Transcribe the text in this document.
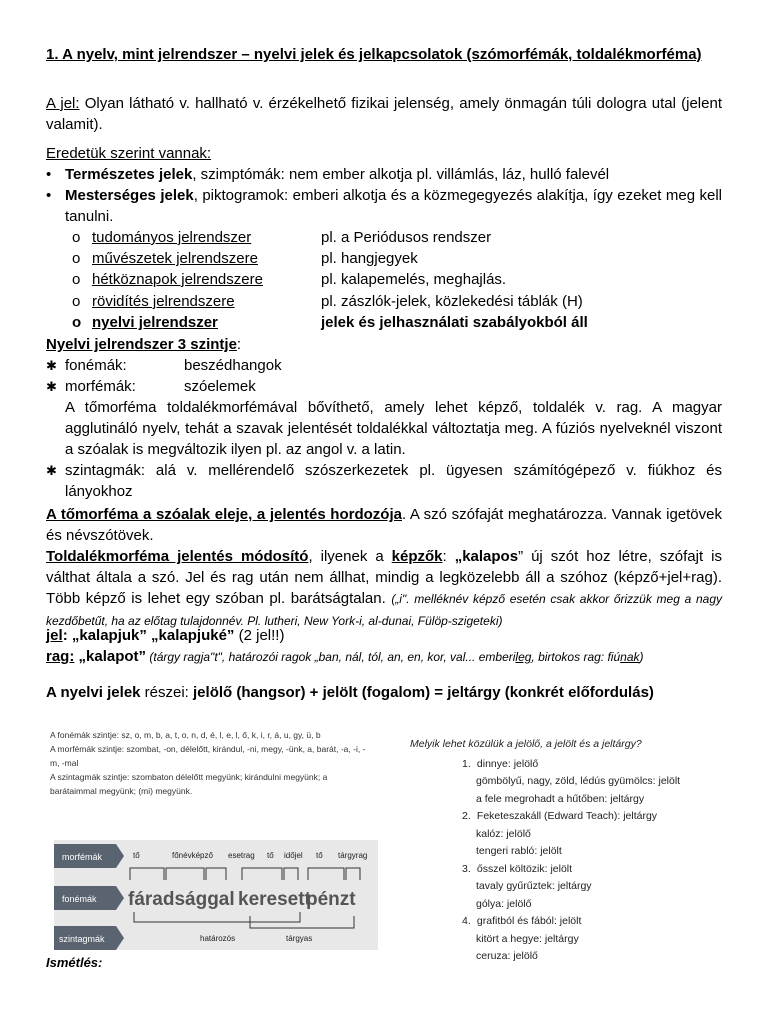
1. A nyelv, mint jelrendszer – nyelvi jelek és jelkapcsolatok (szómorfémák, toldalékmorféma)
A jel: Olyan látható v. hallható v. érzékelhető fizikai jelenség, amely önmagán túli dologra utal (jelent valamit).
Eredetük szerint vannak:
• Természetes jelek, szimptómák: nem ember alkotja pl. villámlás, láz, hulló falevél
• Mesterséges jelek, piktogramok: emberi alkotja és a közmegegyezés alakítja, így ezeket meg kell tanulni.
o tudományos jelrendszer	pl. a Periódusos rendszer
o művészetek jelrendszere	pl. hangjegyek
o hétköznapok jelrendszere	pl. kalapemelés, meghajlás.
o rövidítés jelrendszere	pl. zászlók-jelek, közlekedési táblák (H)
o nyelvi jelrendszer	jelek és jelhasználati szabályokból áll
Nyelvi jelrendszer 3 szintje:
✱ fonémák:	beszédhangok
✱ morfémák:	szóelemek
A tőmorféma toldalékmorfémával bővíthető, amely lehet képző, toldalék v. rag. A magyar agglutináló nyelv, tehát a szavak jelentését toldalékkal változtatja meg. A fúziós nyelveknél viszont a szóalak is megváltozik ilyen pl. az angol v. a latin.
✱ szintagmák: alá v. mellérendelő szószerkezetek pl. ügyesen számítógépező v. fiúkhoz és lányokhoz
A tőmorféma a szóalak eleje, a jelentés hordozója. A szó szófaját meghatározza. Vannak igetövek és névszótövek.
Toldalékmorféma jelentés módosító, ilyenek a képzők: „kalapos” új szót hoz létre, szófajt is válthat általa a szó. Jel és rag után nem állhat, mindig a legközelebb áll a szóhoz (képző+jel+rag). Több képző is lehet egy szóban pl. barátságtalan. („i". melléknév képző esetén csak akkor őrizzük meg a nagy kezdőbetűt, ha az előtag tulajdonnév. Pl. lutheri, New York-i, al-dunai, Fülöp-szigeteki)
jel: „kalapjuk” „kalapjuké” (2 jel!!)
rag: „kalapot” (tárgy ragja"t", határozói ragok „ban, nál, tól, an, en, kor, val... emberileg, birtokos rag: fiúnak)
A nyelvi jelek részei: jelölő (hangsor) + jelölt (fogalom) = jeltárgy (konkrét előfordulás)
A fonémák szintje: sz, o, m, b, a, t, o, n, d, é, l, e, l, ő, k, i, r, á, u, gy, ü, b
A morfémák szintje: szombat, -on, délelőtt, kirándul, -ni, megy, -ünk, a, barát, -a, -i, -
m, -mal
A szintagmák szintje: szombaton délelőtt megyünk; kirándulni megyünk; a
barátaimmal megyünk; (mi) megyünk.
morfémák
fonémák
szintagmák
tő	főnévképző esetrag tő időjel tő tárgyrag
fáradsággal keresett
pénzt
határozós	tárgyas
Melyik lehet közülük a jelölő, a jelölt és a jeltárgy?
1. dinnye: jelölő
gömbölyű, nagy, zöld, lédús gyümölcs: jelölt
a fele megrohadt a hűtőben: jeltárgy
2. Feketeszakáll (Edward Teach): jeltárgy
kalóz: jelölő
tengeri rabló: jelölt
3. ősszel költözik: jelölt
tavaly gyűrűztek: jeltárgy
gólya: jelölő
4. grafitból és fából: jelölt
kitört a hegye: jeltárgy
ceruza: jelölő
Ismétlés:
